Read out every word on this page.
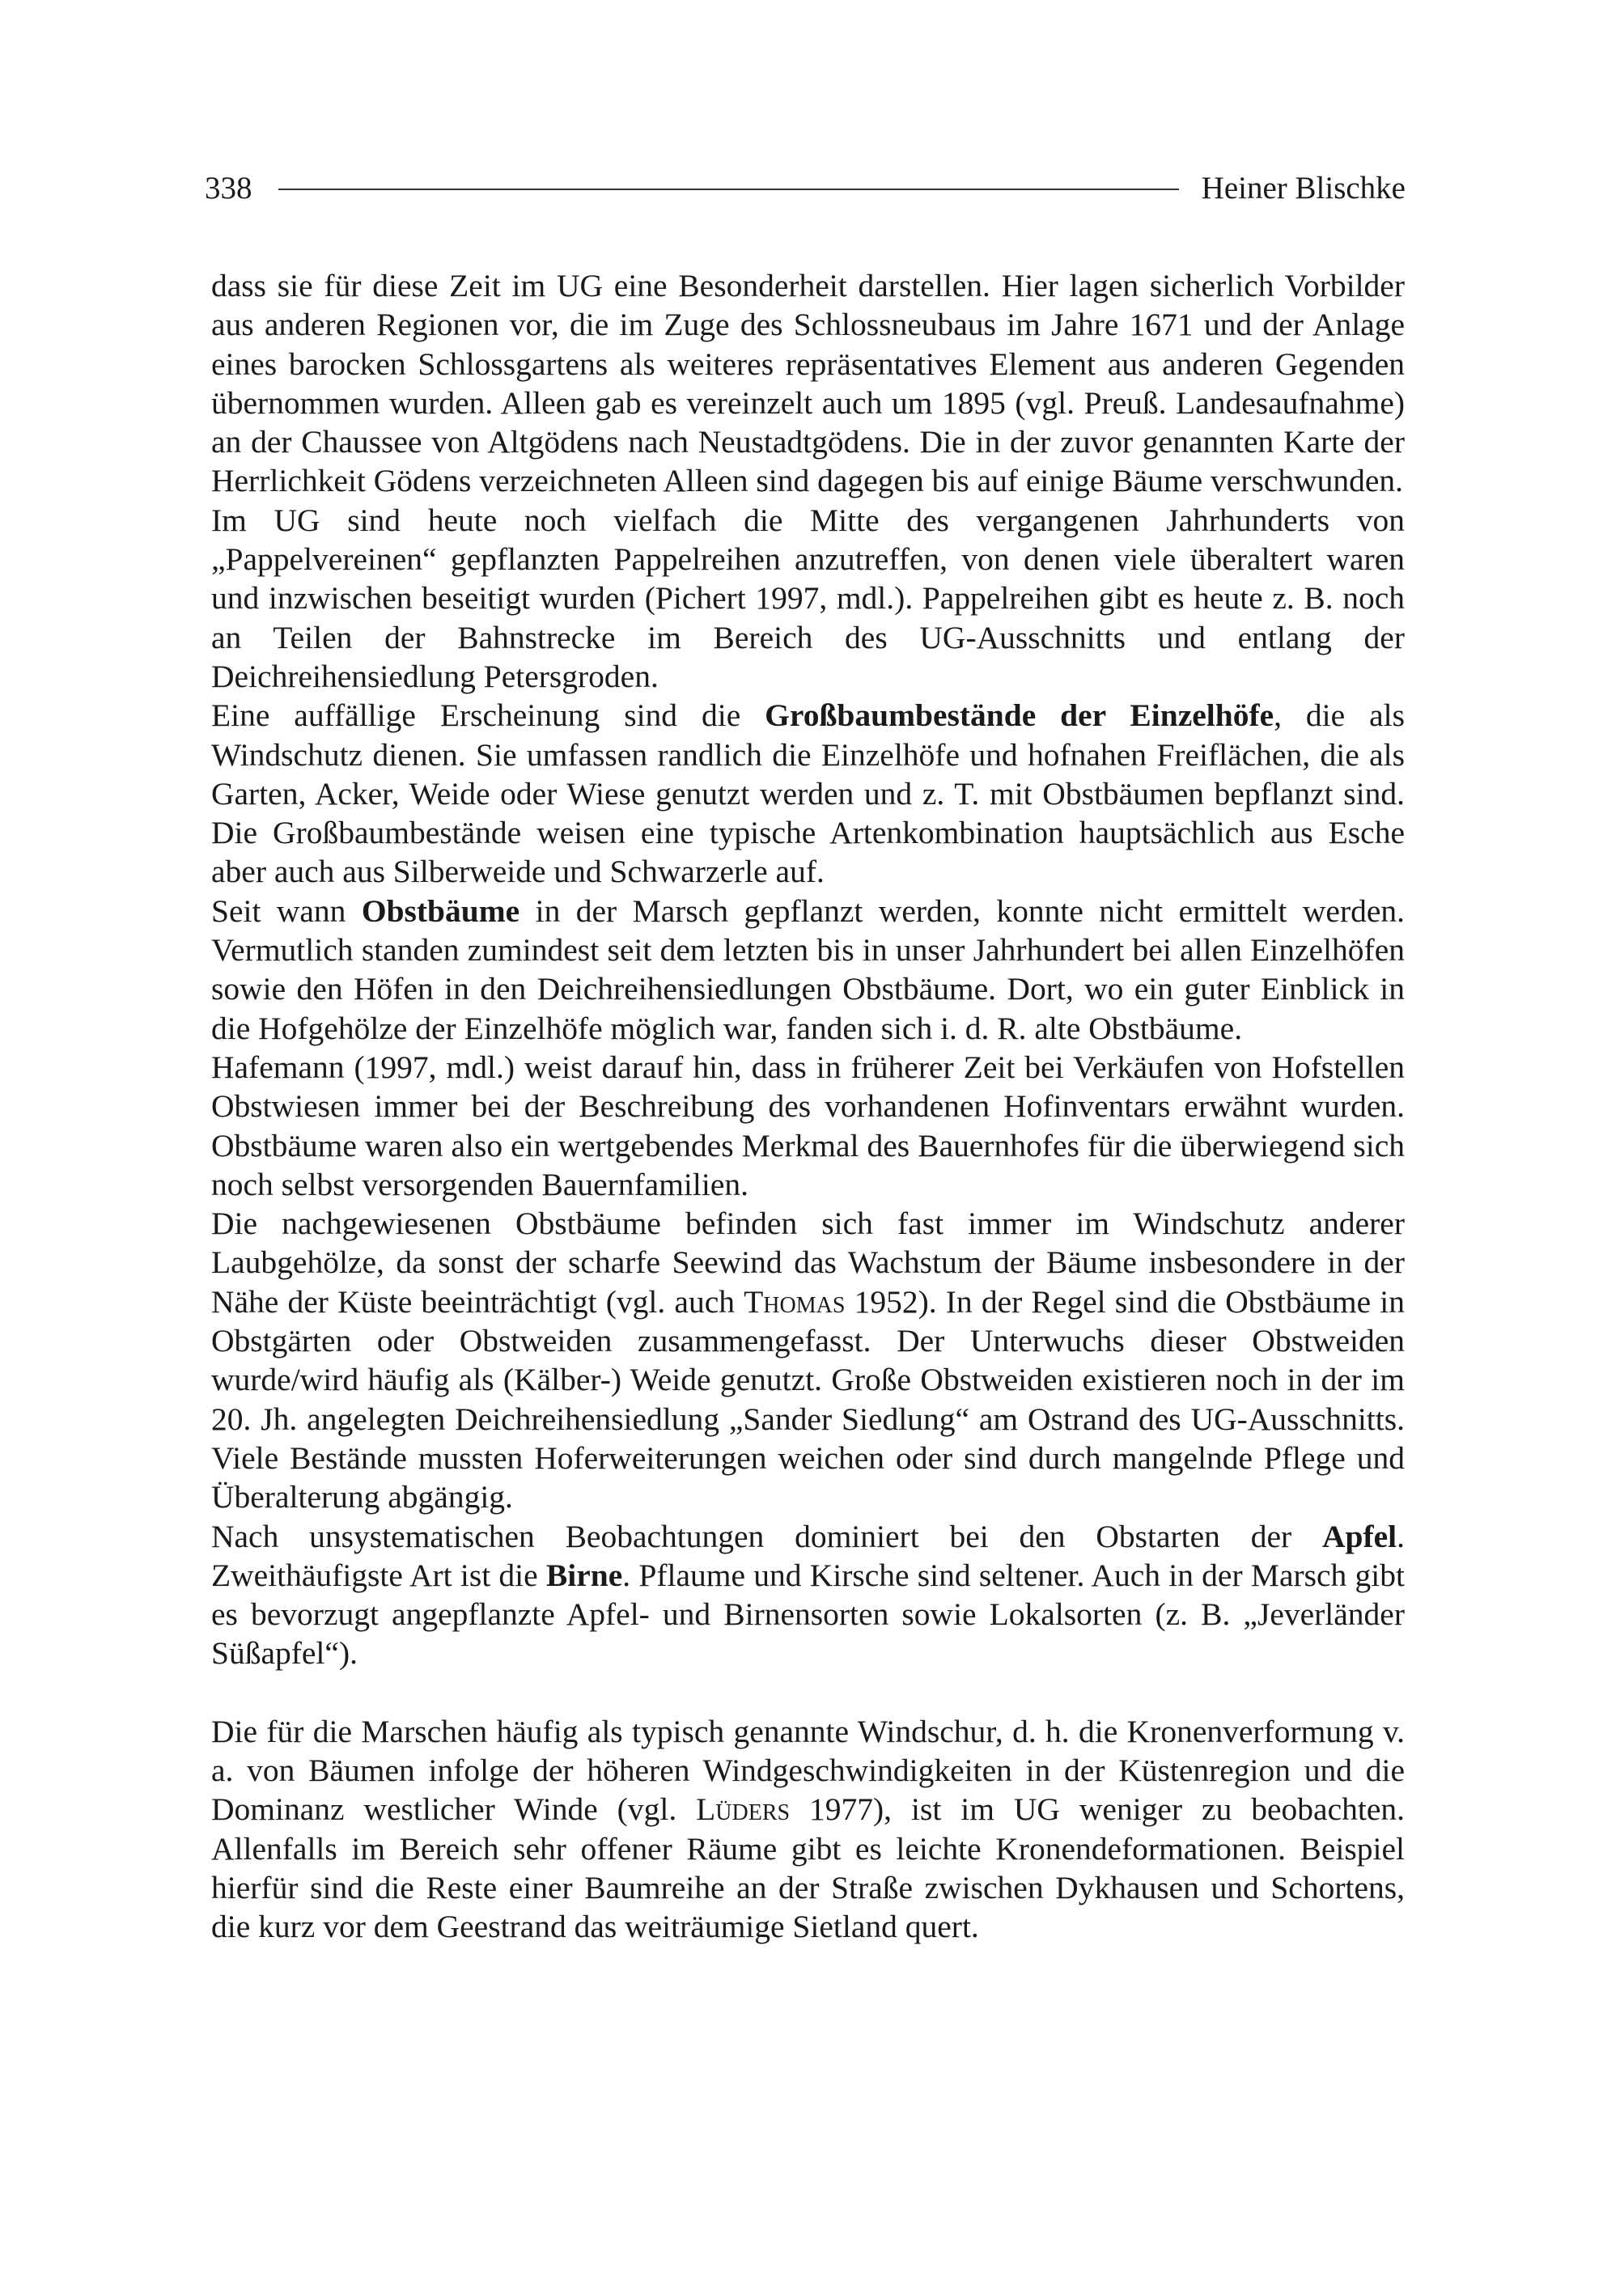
338	Heiner Blischke

dass sie für diese Zeit im UG eine Besonderheit darstellen. Hier lagen sicherlich Vorbilder aus anderen Regionen vor, die im Zuge des Schlossneubaus im Jahre 1671 und der Anlage eines barocken Schlossgartens als weiteres repräsentatives Element aus anderen Gegenden übernommen wurden. Alleen gab es vereinzelt auch um 1895 (vgl. Preuß. Landesaufnahme) an der Chaussee von Altgödens nach Neustadtgödens. Die in der zuvor genannten Karte der Herrlichkeit Gödens verzeichneten Alleen sind dagegen bis auf einige Bäume verschwunden.

Im UG sind heute noch vielfach die Mitte des vergangenen Jahrhunderts von „Pappelvereinen“ gepflanzten Pappelreihen anzutreffen, von denen viele überaltert waren und inzwischen beseitigt wurden (Pichert 1997, mdl.). Pappelreihen gibt es heute z. B. noch an Teilen der Bahnstrecke im Bereich des UG-Ausschnitts und entlang der Deichreihensiedlung Petersgroden.

Eine auffällige Erscheinung sind die Großbaumbestände der Einzelhöfe, die als Windschutz dienen. Sie umfassen randlich die Einzelhöfe und hofnahen Freiflächen, die als Garten, Acker, Weide oder Wiese genutzt werden und z. T. mit Obstbäumen bepflanzt sind. Die Großbaumbestände weisen eine typische Artenkombination hauptsächlich aus Esche aber auch aus Silberweide und Schwarzerle auf.

Seit wann Obstbäume in der Marsch gepflanzt werden, konnte nicht ermittelt werden. Vermutlich standen zumindest seit dem letzten bis in unser Jahrhundert bei allen Einzelhöfen sowie den Höfen in den Deichreihensiedlungen Obstbäume. Dort, wo ein guter Einblick in die Hofgehölze der Einzelhöfe möglich war, fanden sich i. d. R. alte Obstbäume.

Hafemann (1997, mdl.) weist darauf hin, dass in früherer Zeit bei Verkäufen von Hofstellen Obstwiesen immer bei der Beschreibung des vorhandenen Hofinventars erwähnt wurden. Obstbäume waren also ein wertgebendes Merkmal des Bauernhofes für die überwiegend sich noch selbst versorgenden Bauernfamilien.

Die nachgewiesenen Obstbäume befinden sich fast immer im Windschutz anderer Laubgehölze, da sonst der scharfe Seewind das Wachstum der Bäume insbesondere in der Nähe der Küste beeinträchtigt (vgl. auch Thomas 1952). In der Regel sind die Obstbäume in Obstgärten oder Obstweiden zusammengefasst. Der Unterwuchs dieser Obstweiden wurde/wird häufig als (Kälber-) Weide genutzt. Große Obstweiden existieren noch in der im 20. Jh. angelegten Deichreihensiedlung „Sander Siedlung“ am Ostrand des UG-Ausschnitts. Viele Bestände mussten Hoferweiterungen weichen oder sind durch mangelnde Pflege und Überalterung abgängig.

Nach unsystematischen Beobachtungen dominiert bei den Obstarten der Apfel. Zweithäufigste Art ist die Birne. Pflaume und Kirsche sind seltener. Auch in der Marsch gibt es bevorzugt angepflanzte Apfel- und Birnensorten sowie Lokalsorten (z. B. „Jeverländer Süßapfel“).

Die für die Marschen häufig als typisch genannte Windschur, d. h. die Kronenverformung v. a. von Bäumen infolge der höheren Windgeschwindigkeiten in der Küstenregion und die Dominanz westlicher Winde (vgl. Lüders 1977), ist im UG weniger zu beobachten. Allenfalls im Bereich sehr offener Räume gibt es leichte Kronendeformationen. Beispiel hierfür sind die Reste einer Baumreihe an der Straße zwischen Dykhausen und Schortens, die kurz vor dem Geestrand das weiträumige Sietland quert.
